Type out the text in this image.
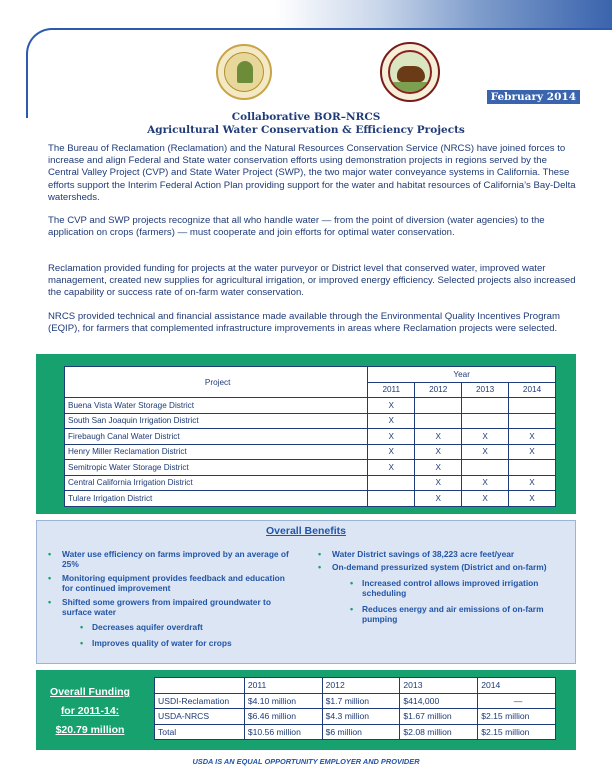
February 2014
Collaborative BOR–NRCS
Agricultural Water Conservation & Efficiency Projects

The Bureau of Reclamation (Reclamation) and the Natural Resources Conservation Service (NRCS) have joined forces to increase and align Federal and State water conservation efforts using demonstration projects in regions served by the Central Valley Project (CVP) and State Water Project (SWP), the two major water conveyance systems in California. These efforts support the Interim Federal Action Plan providing support for the water and habitat resources of California’s Bay-Delta watersheds.

The CVP and SWP projects recognize that all who handle water — from the point of diversion (water agencies) to the application on crops (farmers) — must cooperate and join efforts for optimal water conservation.

Reclamation provided funding for projects at the water purveyor or District level that conserved water, improved water management, created new supplies for agricultural irrigation, or improved energy efficiency. Selected projects also increased the capability or success rate of on-farm water conservation.

NRCS provided technical and financial assistance made available through the Environmental Quality Incentives Program (EQIP), for farmers that complemented infrastructure improvements in areas where Reclamation projects were selected.

Project	Year			
	2011	2012	2013	2014
Buena Vista Water Storage District	X			
South San Joaquin Irrigation District	X			
Firebaugh Canal Water District	X	X	X	X
Henry Miller Reclamation District	X	X	X	X
Semitropic Water Storage District	X	X		
Central California Irrigation District		X	X	X
Tulare Irrigation District		X	X	X
Overall Benefits
• Water use efficiency on farms improved by an average of 25%
• Monitoring equipment provides feedback and education for continued improvement
• Shifted some growers from impaired groundwater to surface water
• Decreases aquifer overdraft
• Improves quality of water for crops
• Water District savings of 38,223 acre feet/year
• On-demand pressurized system (District and on-farm)
• Increased control allows improved irrigation scheduling
• Reduces energy and air emissions of on-farm pumping
Overall Funding
for 2011-14:
$20.79 million
	2011	2012	2013	2014
USDI-Reclamation	$4.10 million	$1.7 million	$414,000	—
USDA-NRCS	$6.46 million	$4.3 million	$1.67 million	$2.15 million
Total	$10.56 million	$6 million	$2.08 million	$2.15 million
USDA IS AN EQUAL OPPORTUNITY EMPLOYER AND PROVIDER
